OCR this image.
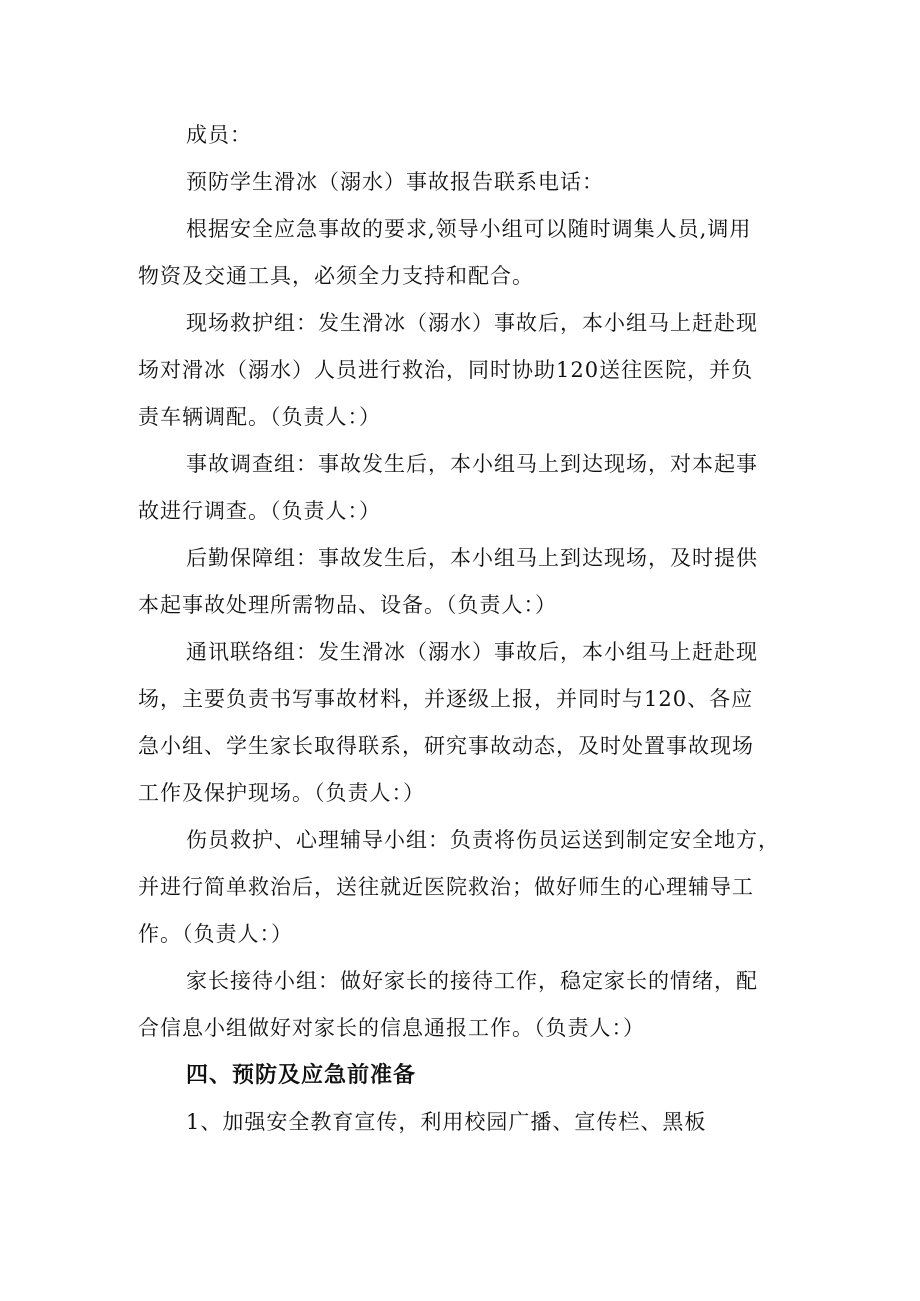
成员：
预防学生滑冰（溺水）事故报告联系电话：
根据安全应急事故的要求,领导小组可以随时调集人员,调用
物资及交通工具，必须全力支持和配合。
现场救护组：发生滑冰（溺水）事故后，本小组马上赶赴现
场对滑冰（溺水）人员进行救治，同时协助120送往医院，并负
责车辆调配。（负责人：）
事故调查组：事故发生后，本小组马上到达现场，对本起事
故进行调查。（负责人：）
后勤保障组：事故发生后，本小组马上到达现场，及时提供
本起事故处理所需物品、设备。（负责人：）
通讯联络组：发生滑冰（溺水）事故后，本小组马上赶赴现
场，主要负责书写事故材料，并逐级上报，并同时与120、各应
急小组、学生家长取得联系，研究事故动态，及时处置事故现场
工作及保护现场。（负责人：）
伤员救护、心理辅导小组：负责将伤员运送到制定安全地方，
并进行简单救治后，送往就近医院救治；做好师生的心理辅导工
作。（负责人：）
家长接待小组：做好家长的接待工作，稳定家长的情绪，配
合信息小组做好对家长的信息通报工作。（负责人：）
四、预防及应急前准备
1、加强安全教育宣传，利用校园广播、宣传栏、黑板
